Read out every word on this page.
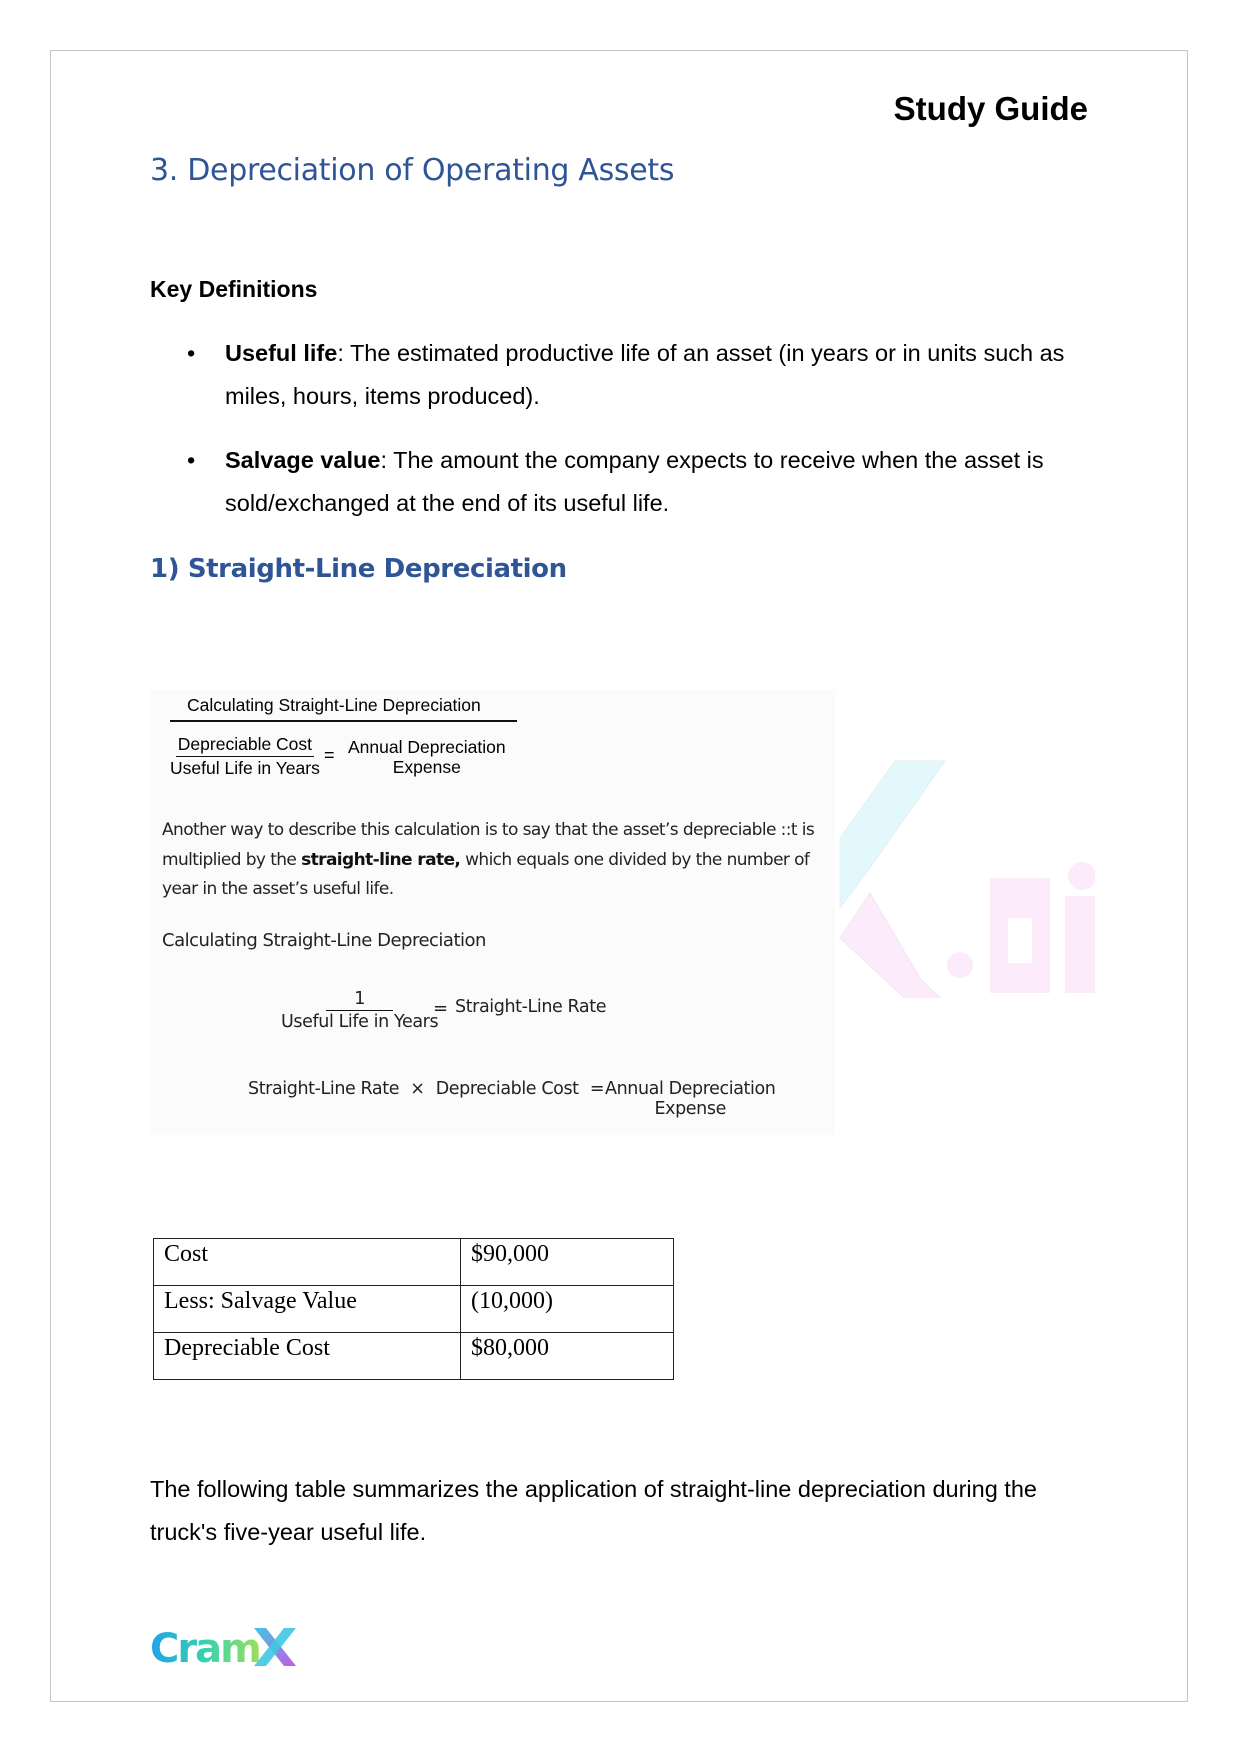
Study Guide
3. Depreciation of Operating Assets
Key Definitions
• Useful life: The estimated productive life of an asset (in years or in units such as miles, hours, items produced).
• Salvage value: The amount the company expects to receive when the asset is sold/exchanged at the end of its useful life.
1) Straight-Line Depreciation
Calculating Straight-Line Depreciation
Depreciable Cost
Useful Life in Years
= Annual Depreciation
Expense
Another way to describe this calculation is to say that the asset’s depreciable ::t is multiplied by the straight-line rate, which equals one divided by the number of year in the asset’s useful life.
Calculating Straight-Line Depreciation
1
Useful Life in Years
= Straight-Line Rate
Straight-Line Rate × Depreciable Cost = Annual Depreciation
Expense
Cost	$90,000
Less: Salvage Value	(10,000)
Depreciable Cost	$80,000
The following table summarizes the application of straight-line depreciation during the truck's five-year useful life.
Cram
